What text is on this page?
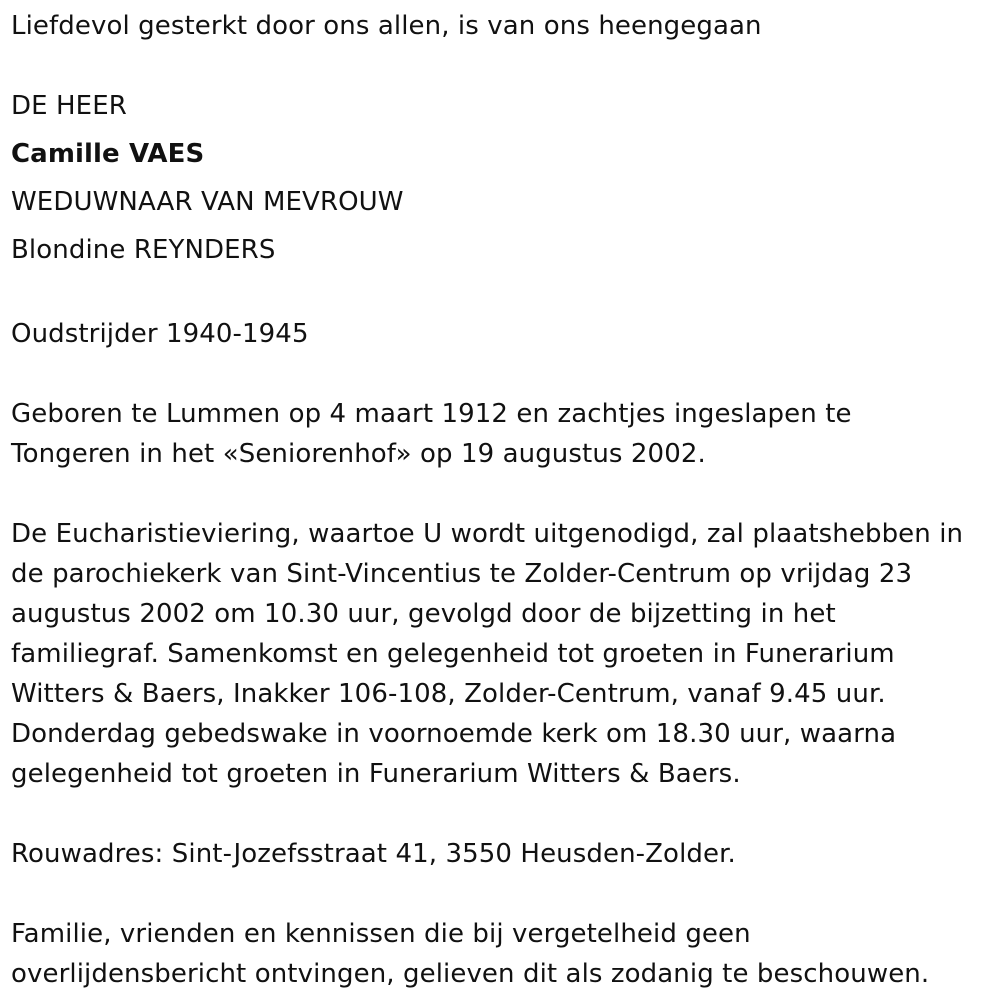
Liefdevol gesterkt door ons allen, is van ons heengegaan
DE HEER
Camille VAES
WEDUWNAAR VAN MEVROUW
Blondine REYNDERS
Oudstrijder 1940-1945
Geboren te Lummen op 4 maart 1912 en zachtjes ingeslapen te
Tongeren in het «Seniorenhof» op 19 augustus 2002.
De Eucharistieviering, waartoe U wordt uitgenodigd, zal plaatshebben in
de parochiekerk van Sint-Vincentius te Zolder-Centrum op vrijdag 23
augustus 2002 om 10.30 uur, gevolgd door de bijzetting in het
familiegraf. Samenkomst en gelegenheid tot groeten in Funerarium
Witters & Baers, Inakker 106-108, Zolder-Centrum, vanaf 9.45 uur.
Donderdag gebedswake in voornoemde kerk om 18.30 uur, waarna
gelegenheid tot groeten in Funerarium Witters & Baers.
Rouwadres: Sint-Jozefsstraat 41, 3550 Heusden-Zolder.
Familie, vrienden en kennissen die bij vergetelheid geen
overlijdensbericht ontvingen, gelieven dit als zodanig te beschouwen.
